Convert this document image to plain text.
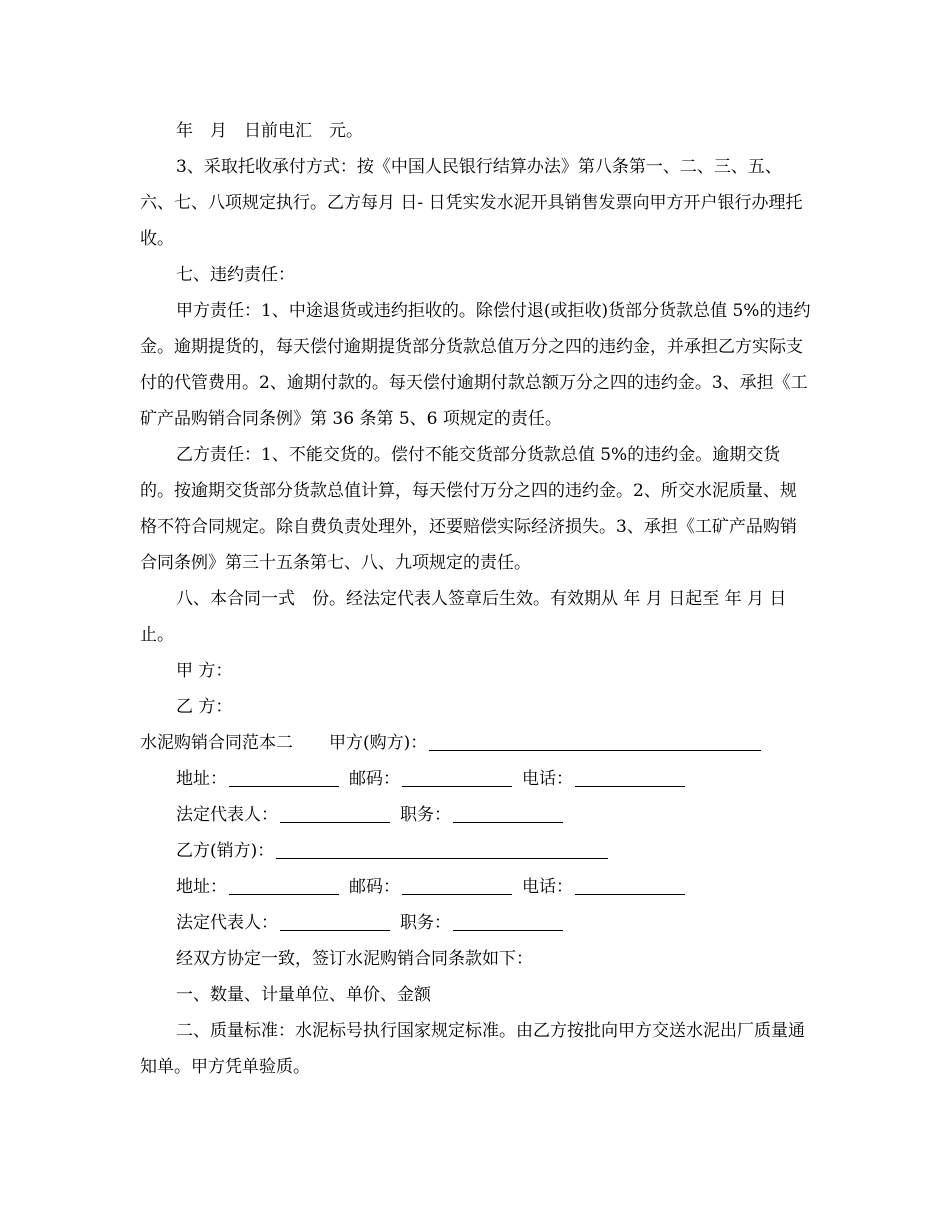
年　月　日前电汇　元。

3、采取托收承付方式：按《中国人民银行结算办法》第八条第一、二、三、五、六、七、八项规定执行。乙方每月 日- 日凭实发水泥开具销售发票向甲方开户银行办理托收。

七、违约责任：

甲方责任：1、中途退货或违约拒收的。除偿付退(或拒收)货部分货款总值 5%的违约金。逾期提货的，每天偿付逾期提货部分货款总值万分之四的违约金，并承担乙方实际支付的代管费用。2、逾期付款的。每天偿付逾期付款总额万分之四的违约金。3、承担《工矿产品购销合同条例》第 36 条第 5、6 项规定的责任。

乙方责任：1、不能交货的。偿付不能交货部分货款总值 5%的违约金。逾期交货的。按逾期交货部分货款总值计算，每天偿付万分之四的违约金。2、所交水泥质量、规格不符合同规定。除自费负责处理外，还要赔偿实际经济损失。3、承担《工矿产品购销合同条例》第三十五条第七、八、九项规定的责任。

八、本合同一式　份。经法定代表人签章后生效。有效期从 年 月 日起至 年 月 日止。

甲 方：

乙 方：

水泥购销合同范本二 甲方(购方)：
地址：	邮码：	电话：
法定代表人：	职务：
乙方(销方)：
地址：	邮码：	电话：
法定代表人：	职务：

经双方协定一致，签订水泥购销合同条款如下：

一、数量、计量单位、单价、金额

二、质量标准：水泥标号执行国家规定标准。由乙方按批向甲方交送水泥出厂质量通知单。甲方凭单验质。
